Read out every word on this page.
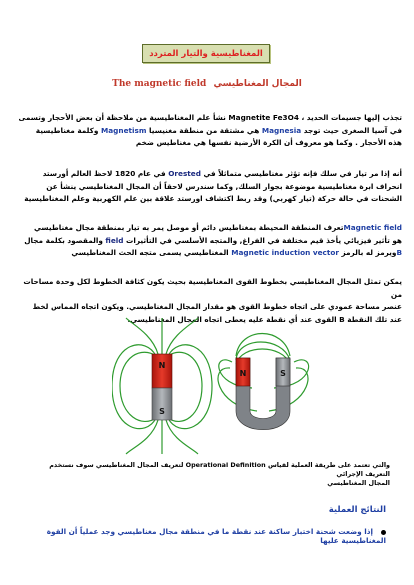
المغناطيسية والتيار المتردد
The magnetic field المجال المغناطيسي
تجذب إليها جسيمات الحديد ، Magnetite Fe3O4 نشأ علم المغناطيسية من ملاحظة أن بعض الأحجار وتسمى
في آسيا الصغرى حيث توجد Magnesia هي مشتقة من منطقة مغنيسيا Magnetism وكلمة مغناطيسية
هذه الأحجار . وكما هو معروف أن الكرة الأرضية نفسها هي مغناطيس ضخم
أنه إذا مر تيار في سلك فإنه تؤثر مغناطيسي متماثلاً في Orested في عام 1820 لاحظ العالم أورستد
انحراف ابرة مغناطيسية موضوعة بجوار السلك, وكما سندرس لاحقاً أن المجال المغناطيسي ينشأ عن
الشحنات في حالة حركة (تيار كهربي) وقد ربط اكتشاف اورستد علاقة بين علم الكهربية وعلم المغناطيسية
Magnetic fieldتعرف المنطقة المحيطة بمغناطيس دائم أو موصل يمر به تيار بمنطقة مجال مغناطيسي
هو تأثير فيزيائي يأخذ قيم مختلفة في الفراغ, والمتجه الأسلسي في التأثيرات field والمقصود بكلمة مجال
Bويرمز له بالرمز Magnetic induction vector المغناطيسي يسمى متجه الحث المغناطيسي
يمكن تمثل المجال المغناطيسي بخطوط القوى المغناطيسية بحيث يكون كثافة الخطوط لكل وحدة مساحات من
عنصر مساحة عمودي على اتجاه خطوط القوى هو مقدار المجال المغناطيسي. ويكون اتجاه المماس لخط
عند تلك النقطة B القوى عند أي نقطة عليه يعطى اتجاه المجال المغناطيسي.
N
S
N	S
والتي تعتمد على طريقة العملية لقياس Operational Definition لتعريف المجال المغناطيسي سوف نستخدم التعريف الإجرائي
المجال المغناطيسي
النتائج العملية
إذا وضعت شحنة اختبار ساكنة عند نقطة ما في منطقة مجال مغناطيسي وجد عملياً أن القوة المغناطيسية عليها
